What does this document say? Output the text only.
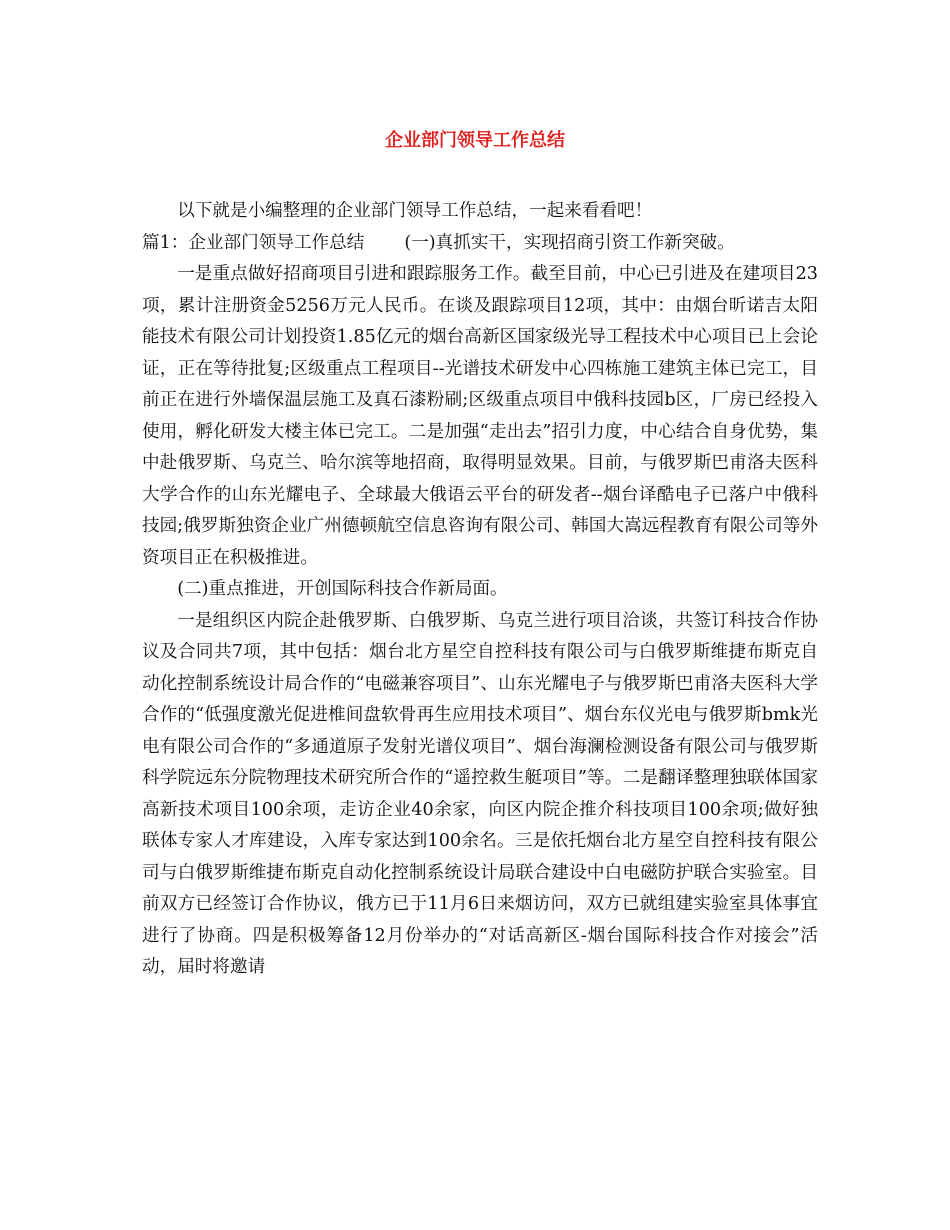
企业部门领导工作总结

以下就是小编整理的企业部门领导工作总结，一起来看看吧！

篇1：企业部门领导工作总结 (一)真抓实干，实现招商引资工作新突破。

一是重点做好招商项目引进和跟踪服务工作。截至目前，中心已引进及在建项目23项，累计注册资金5256万元人民币。在谈及跟踪项目12项，其中：由烟台昕诺吉太阳能技术有限公司计划投资1.85亿元的烟台高新区国家级光导工程技术中心项目已上会论证，正在等待批复;区级重点工程项目--光谱技术研发中心四栋施工建筑主体已完工，目前正在进行外墙保温层施工及真石漆粉刷;区级重点项目中俄科技园b区，厂房已经投入使用，孵化研发大楼主体已完工。二是加强“走出去”招引力度，中心结合自身优势，集中赴俄罗斯、乌克兰、哈尔滨等地招商，取得明显效果。目前，与俄罗斯巴甫洛夫医科大学合作的山东光耀电子、全球最大俄语云平台的研发者--烟台译酷电子已落户中俄科技园;俄罗斯独资企业广州德顿航空信息咨询有限公司、韩国大嵩远程教育有限公司等外资项目正在积极推进。

(二)重点推进，开创国际科技合作新局面。

一是组织区内院企赴俄罗斯、白俄罗斯、乌克兰进行项目洽谈，共签订科技合作协议及合同共7项，其中包括：烟台北方星空自控科技有限公司与白俄罗斯维捷布斯克自动化控制系统设计局合作的“电磁兼容项目”、山东光耀电子与俄罗斯巴甫洛夫医科大学合作的“低强度激光促进椎间盘软骨再生应用技术项目”、烟台东仪光电与俄罗斯bmk光电有限公司合作的“多通道原子发射光谱仪项目”、烟台海澜检测设备有限公司与俄罗斯科学院远东分院物理技术研究所合作的“遥控救生艇项目”等。二是翻译整理独联体国家高新技术项目100余项，走访企业40余家，向区内院企推介科技项目100余项;做好独联体专家人才库建设，入库专家达到100余名。三是依托烟台北方星空自控科技有限公司与白俄罗斯维捷布斯克自动化控制系统设计局联合建设中白电磁防护联合实验室。目前双方已经签订合作协议，俄方已于11月6日来烟访问，双方已就组建实验室具体事宜进行了协商。四是积极筹备12月份举办的“对话高新区-烟台国际科技合作对接会”活动，届时将邀请
